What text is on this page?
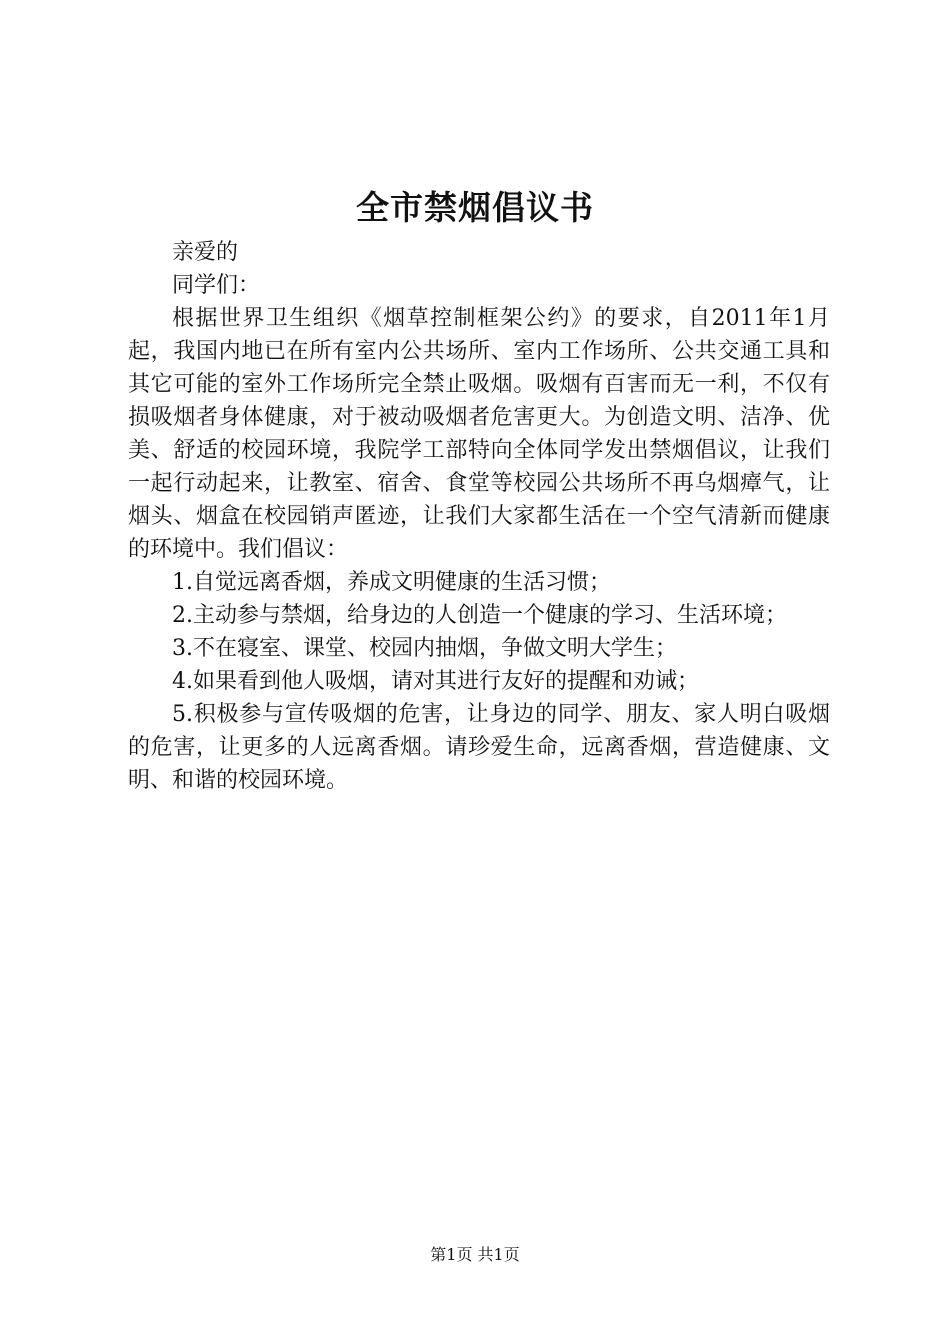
全市禁烟倡议书

亲爱的

同学们：

根据世界卫生组织《烟草控制框架公约》的要求，自2011年1月起，我国内地已在所有室内公共场所、室内工作场所、公共交通工具和其它可能的室外工作场所完全禁止吸烟。吸烟有百害而无一利，不仅有损吸烟者身体健康，对于被动吸烟者危害更大。为创造文明、洁净、优美、舒适的校园环境，我院学工部特向全体同学发出禁烟倡议，让我们一起行动起来，让教室、宿舍、食堂等校园公共场所不再乌烟瘴气，让烟头、烟盒在校园销声匿迹，让我们大家都生活在一个空气清新而健康的环境中。我们倡议：

1.自觉远离香烟，养成文明健康的生活习惯；

2.主动参与禁烟，给身边的人创造一个健康的学习、生活环境；

3.不在寝室、课堂、校园内抽烟，争做文明大学生；

4.如果看到他人吸烟，请对其进行友好的提醒和劝诫；

5.积极参与宣传吸烟的危害，让身边的同学、朋友、家人明白吸烟的危害，让更多的人远离香烟。请珍爱生命，远离香烟，营造健康、文明、和谐的校园环境。

第1页 共1页
